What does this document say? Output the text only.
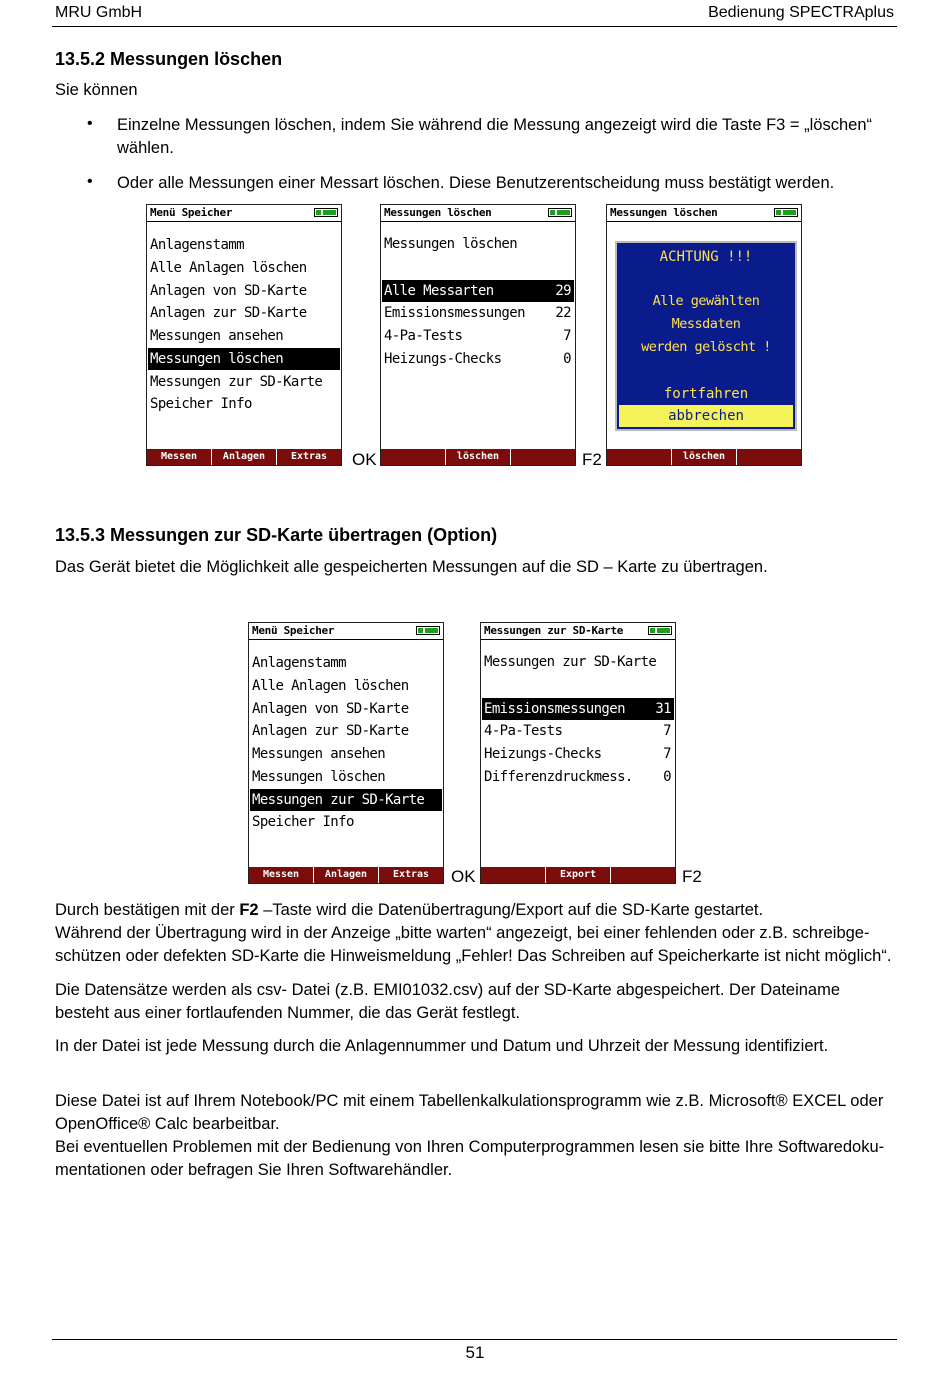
MRU GmbH	Bedienung SPECTRAplus
13.5.2 Messungen löschen
Sie können
• Einzelne Messungen löschen, indem Sie während die Messung angezeigt wird die Taste F3 = „löschen“ wählen.
• Oder alle Messungen einer Messart löschen. Diese Benutzerentscheidung muss bestätigt werden.
Menü Speicher
Anlagenstamm
Alle Anlagen löschen
Anlagen von SD-Karte
Anlagen zur SD-Karte
Messungen ansehen
Messungen löschen
Messungen zur SD-Karte
Speicher Info
Messen	Anlagen	Extras	OK
Messungen löschen
Messungen löschen
Alle Messarten	29
Emissionsmessungen 22
4-Pa-Tests	7
Heizungs-Checks	0
löschen	F2
Messungen löschen
ACHTUNG !!!
Alle gewählten
Messdaten
werden gelöscht !
fortfahren
abbrechen
löschen
13.5.3 Messungen zur SD-Karte übertragen (Option)
Das Gerät bietet die Möglichkeit alle gespeicherten Messungen auf die SD – Karte zu übertragen.
Menü Speicher
Anlagenstamm
Alle Anlagen löschen
Anlagen von SD-Karte
Anlagen zur SD-Karte
Messungen ansehen
Messungen löschen
Messungen zur SD-Karte
Speicher Info
Messen	Anlagen	Extras	OK
Messungen zur SD-Karte
Messungen zur SD-Karte
Emissionsmessungen 31
4-Pa-Tests	7
Heizungs-Checks	7
Differenzdruckmess. 0
Export	F2
Durch bestätigen mit der F2 –Taste wird die Datenübertragung/Export auf die SD-Karte gestartet.
Während der Übertragung wird in der Anzeige „bitte warten“ angezeigt, bei einer fehlenden oder z.B. schreibge-schützen oder defekten SD-Karte die Hinweismeldung „Fehler! Das Schreiben auf Speicherkarte ist nicht möglich“.
Die Datensätze werden als csv- Datei (z.B. EMI01032.csv) auf der SD-Karte abgespeichert. Der Dateiname besteht aus einer fortlaufenden Nummer, die das Gerät festlegt.
In der Datei ist jede Messung durch die Anlagennummer und Datum und Uhrzeit der Messung identifiziert.
Diese Datei ist auf Ihrem Notebook/PC mit einem Tabellenkalkulationsprogramm wie z.B. Microsoft® EXCEL oder OpenOffice® Calc bearbeitbar.
Bei eventuellen Problemen mit der Bedienung von Ihren Computerprogrammen lesen sie bitte Ihre Softwaredoku-mentationen oder befragen Sie Ihren Softwarehändler.
51
